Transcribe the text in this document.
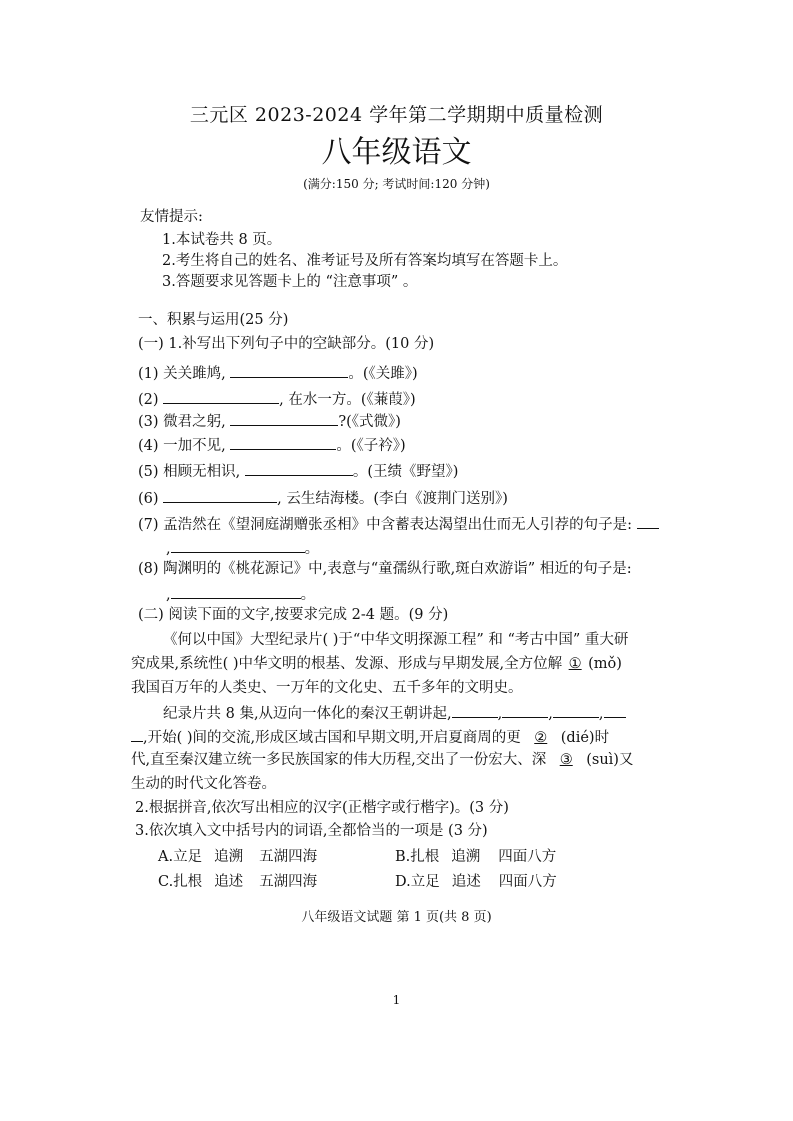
三元区 2023-2024 学年第二学期期中质量检测
八年级语文
(满分:150 分; 考试时间:120 分钟)
友情提示:
1.本试卷共 8 页。
2.考生将自己的姓名、准考证号及所有答案均填写在答题卡上。
3.答题要求见答题卡上的 “注意事项” 。
一、积累与运用(25 分)
(一) 1.补写出下列句子中的空缺部分。(10 分)
(1) 关关雎鸠,	。(《关雎》)
(2)	, 在水一方。(《蒹葭》)
(3) 微君之躬,	?(《式微》)
(4) 一加不见,	。(《子衿》)
(5) 相顾无相识,	。(王绩《野望》)
(6)	, 云生结海楼。(李白《渡荆门送别》)
(7) 孟浩然在《望洞庭湖赠张丞相》中含蓄表达渴望出仕而无人引荐的句子是:
,	。
(8) 陶渊明的《桃花源记》中,表意与“童孺纵行歌,斑白欢游诣” 相近的句子是:
,	。
(二) 阅读下面的文字,按要求完成 2-4 题。(9 分)
《何以中国》大型纪录片( )于“中华文明探源工程” 和 “考古中国” 重大研
究成果,系统性( )中华文明的根基、发源、形成与早期发展,全方位解 ① (mǒ)
我国百万年的人类史、一万年的文化史、五千多年的文明史。
纪录片共 8 集,从迈向一体化的秦汉王朝讲起,	,	,	,
,开始( )间的交流,形成区域古国和早期文明,开启夏商周的更 ② (dié)时
代,直至秦汉建立统一多民族国家的伟大历程,交出了一份宏大、深 ③ (suì)又
生动的时代文化答卷。
2.根据拼音,依次写出相应的汉字(正楷字或行楷字)。(3 分)
3.依次填入文中括号内的词语,全都恰当的一项是 (3 分)
A.立足 追溯 五湖四海	B.扎根 追溯 四面八方
C.扎根 追述 五湖四海	D.立足 追述 四面八方
八年级语文试题 第 1 页(共 8 页)
1
